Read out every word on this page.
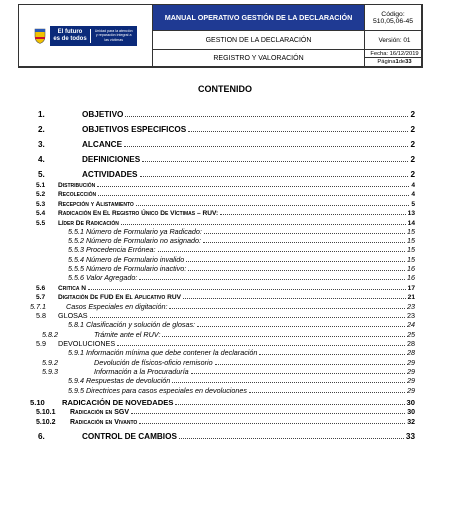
El futuro
es de todos
Unidad para la atención y reparación integral a las víctimas
MANUAL OPERATIVO GESTIÓN DE LA DECLARACIÓN
GESTION DE LA DECLARACIÓN
REGISTRO Y VALORACIÓN
Código: 510,05,06-45
Versión: 01
Fecha: 16/12/2019
Página 1 de 33
CONTENIDO
1.	OBJETIVO	2
2.	OBJETIVOS ESPECIFICOS	2
3.	ALCANCE	2
4.	DEFINICIONES	2
5.	ACTIVIDADES	2
5.1	Distribución	4
5.2	Recolección	4
5.3	Recepción y Alistamiento	5
5.4	Radicación En El Registro Único De Víctimas – RUV:	13
5.5	Líder De Radicación	14
5.5.1 Número de Formulario ya Radicado:	15
5.5.2 Número de Formulario no asignado:	15
5.5.3 Procedencia Errónea:	15
5.5.4 Número de Formulario invalido	15
5.5.5 Número de Formulario inactivo:	16
5.5.6 Valor Agregado:	16
5.6	Critica N	17
5.7	Digitación De FUD En El Aplicativo RUV	21
5.7.1	Casos Especiales en digitación:	23
5.8	GLOSAS	23
5.8.1 Clasificación y solución de glosas:	24
5.8.2	Trámite ante el RUV:	25
5.9	DEVOLUCIONES	28
5.9.1 Información mínima que debe contener la declaración	28
5.9.2	Devolución de físicos-oficio remisorio	29
5.9.3	Información a la Procuraduría	29
5.9.4 Respuestas de devolución	29
5.9.5 Directrices para casos especiales en devoluciones	29
5.10	RADICACIÓN DE NOVEDADES	30
5.10.1	Radicación en SGV	30
5.10.2	Radicación en Vivanto	32
6.	CONTROL DE CAMBIOS	33
